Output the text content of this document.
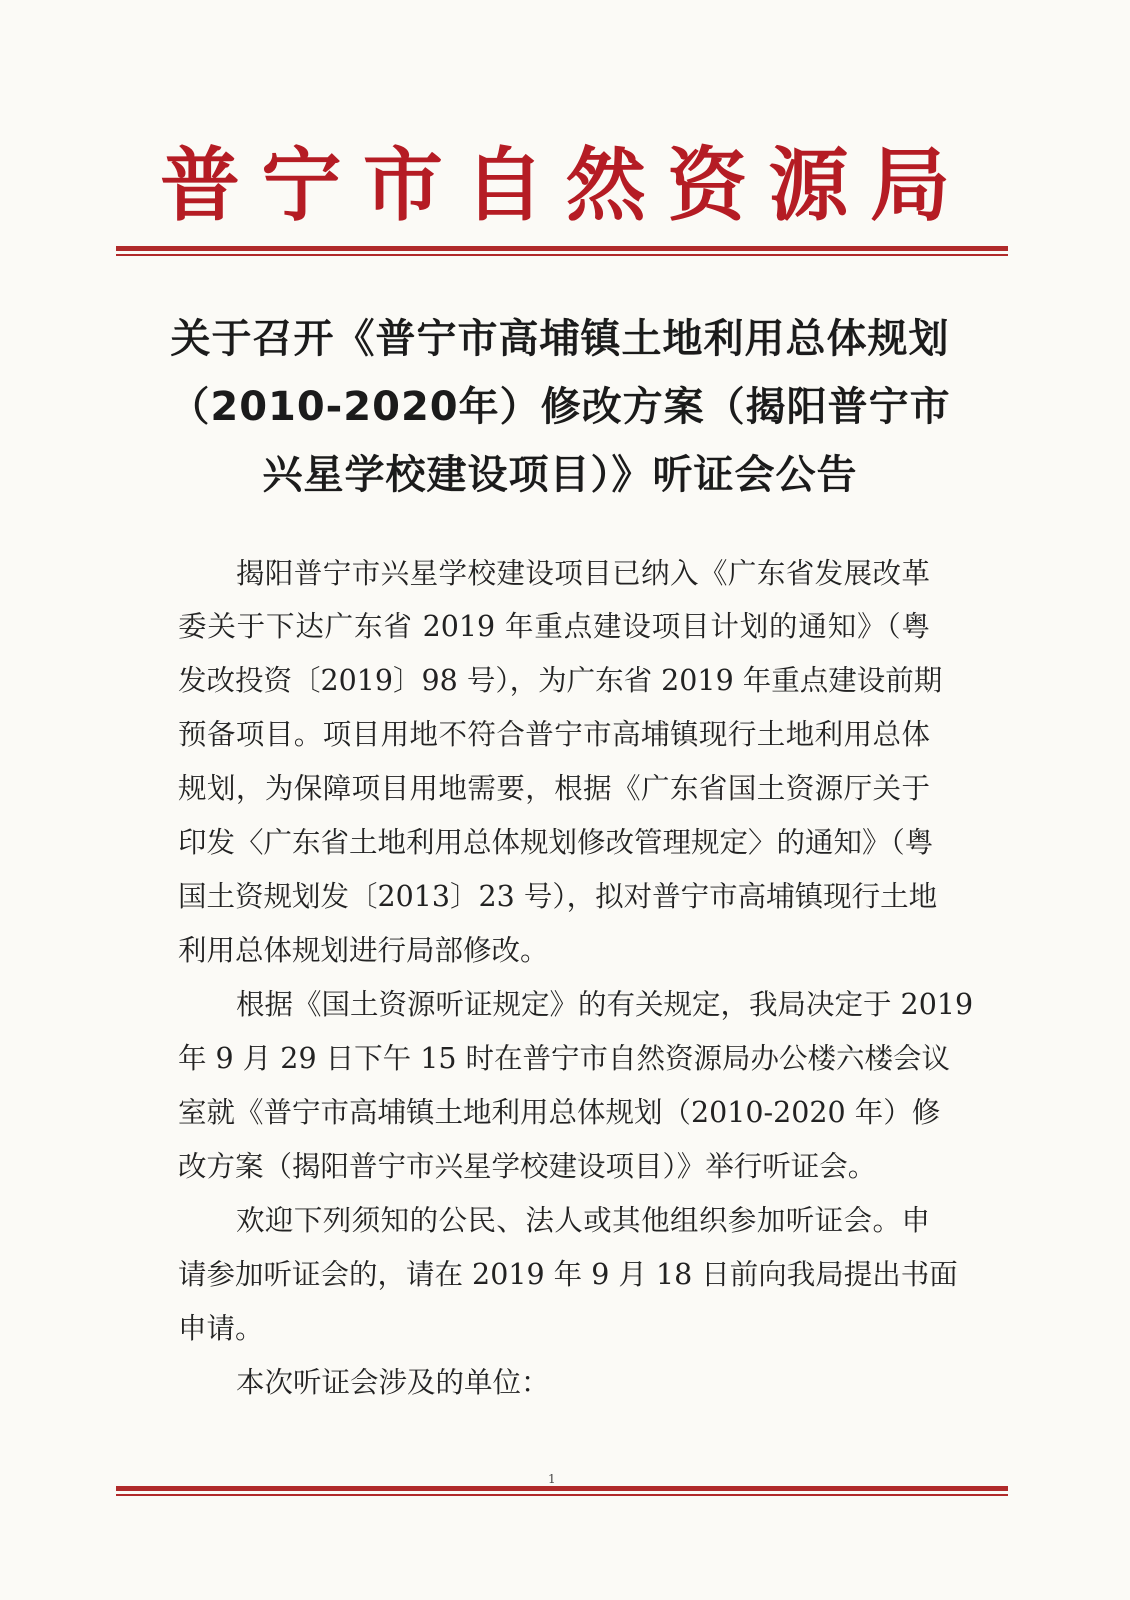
普 宁 市 自 然 资 源 局
关于召开《普宁市高埔镇土地利用总体规划
（2010-2020年）修改方案（揭阳普宁市
兴星学校建设项目）》听证会公告
揭阳普宁市兴星学校建设项目已纳入《广东省发展改革
委关于下达广东省 2019 年重点建设项目计划的通知》（粤
发改投资〔2019〕98 号），为广东省 2019 年重点建设前期
预备项目。项目用地不符合普宁市高埔镇现行土地利用总体
规划，为保障项目用地需要，根据《广东省国土资源厅关于
印发〈广东省土地利用总体规划修改管理规定〉的通知》（粤
国土资规划发〔2013〕23 号），拟对普宁市高埔镇现行土地
利用总体规划进行局部修改。
根据《国土资源听证规定》的有关规定，我局决定于 2019
年 9 月 29 日下午 15 时在普宁市自然资源局办公楼六楼会议
室就《普宁市高埔镇土地利用总体规划（2010-2020 年）修
改方案（揭阳普宁市兴星学校建设项目）》举行听证会。
欢迎下列须知的公民、法人或其他组织参加听证会。申
请参加听证会的，请在 2019 年 9 月 18 日前向我局提出书面
申请。
本次听证会涉及的单位：
1
